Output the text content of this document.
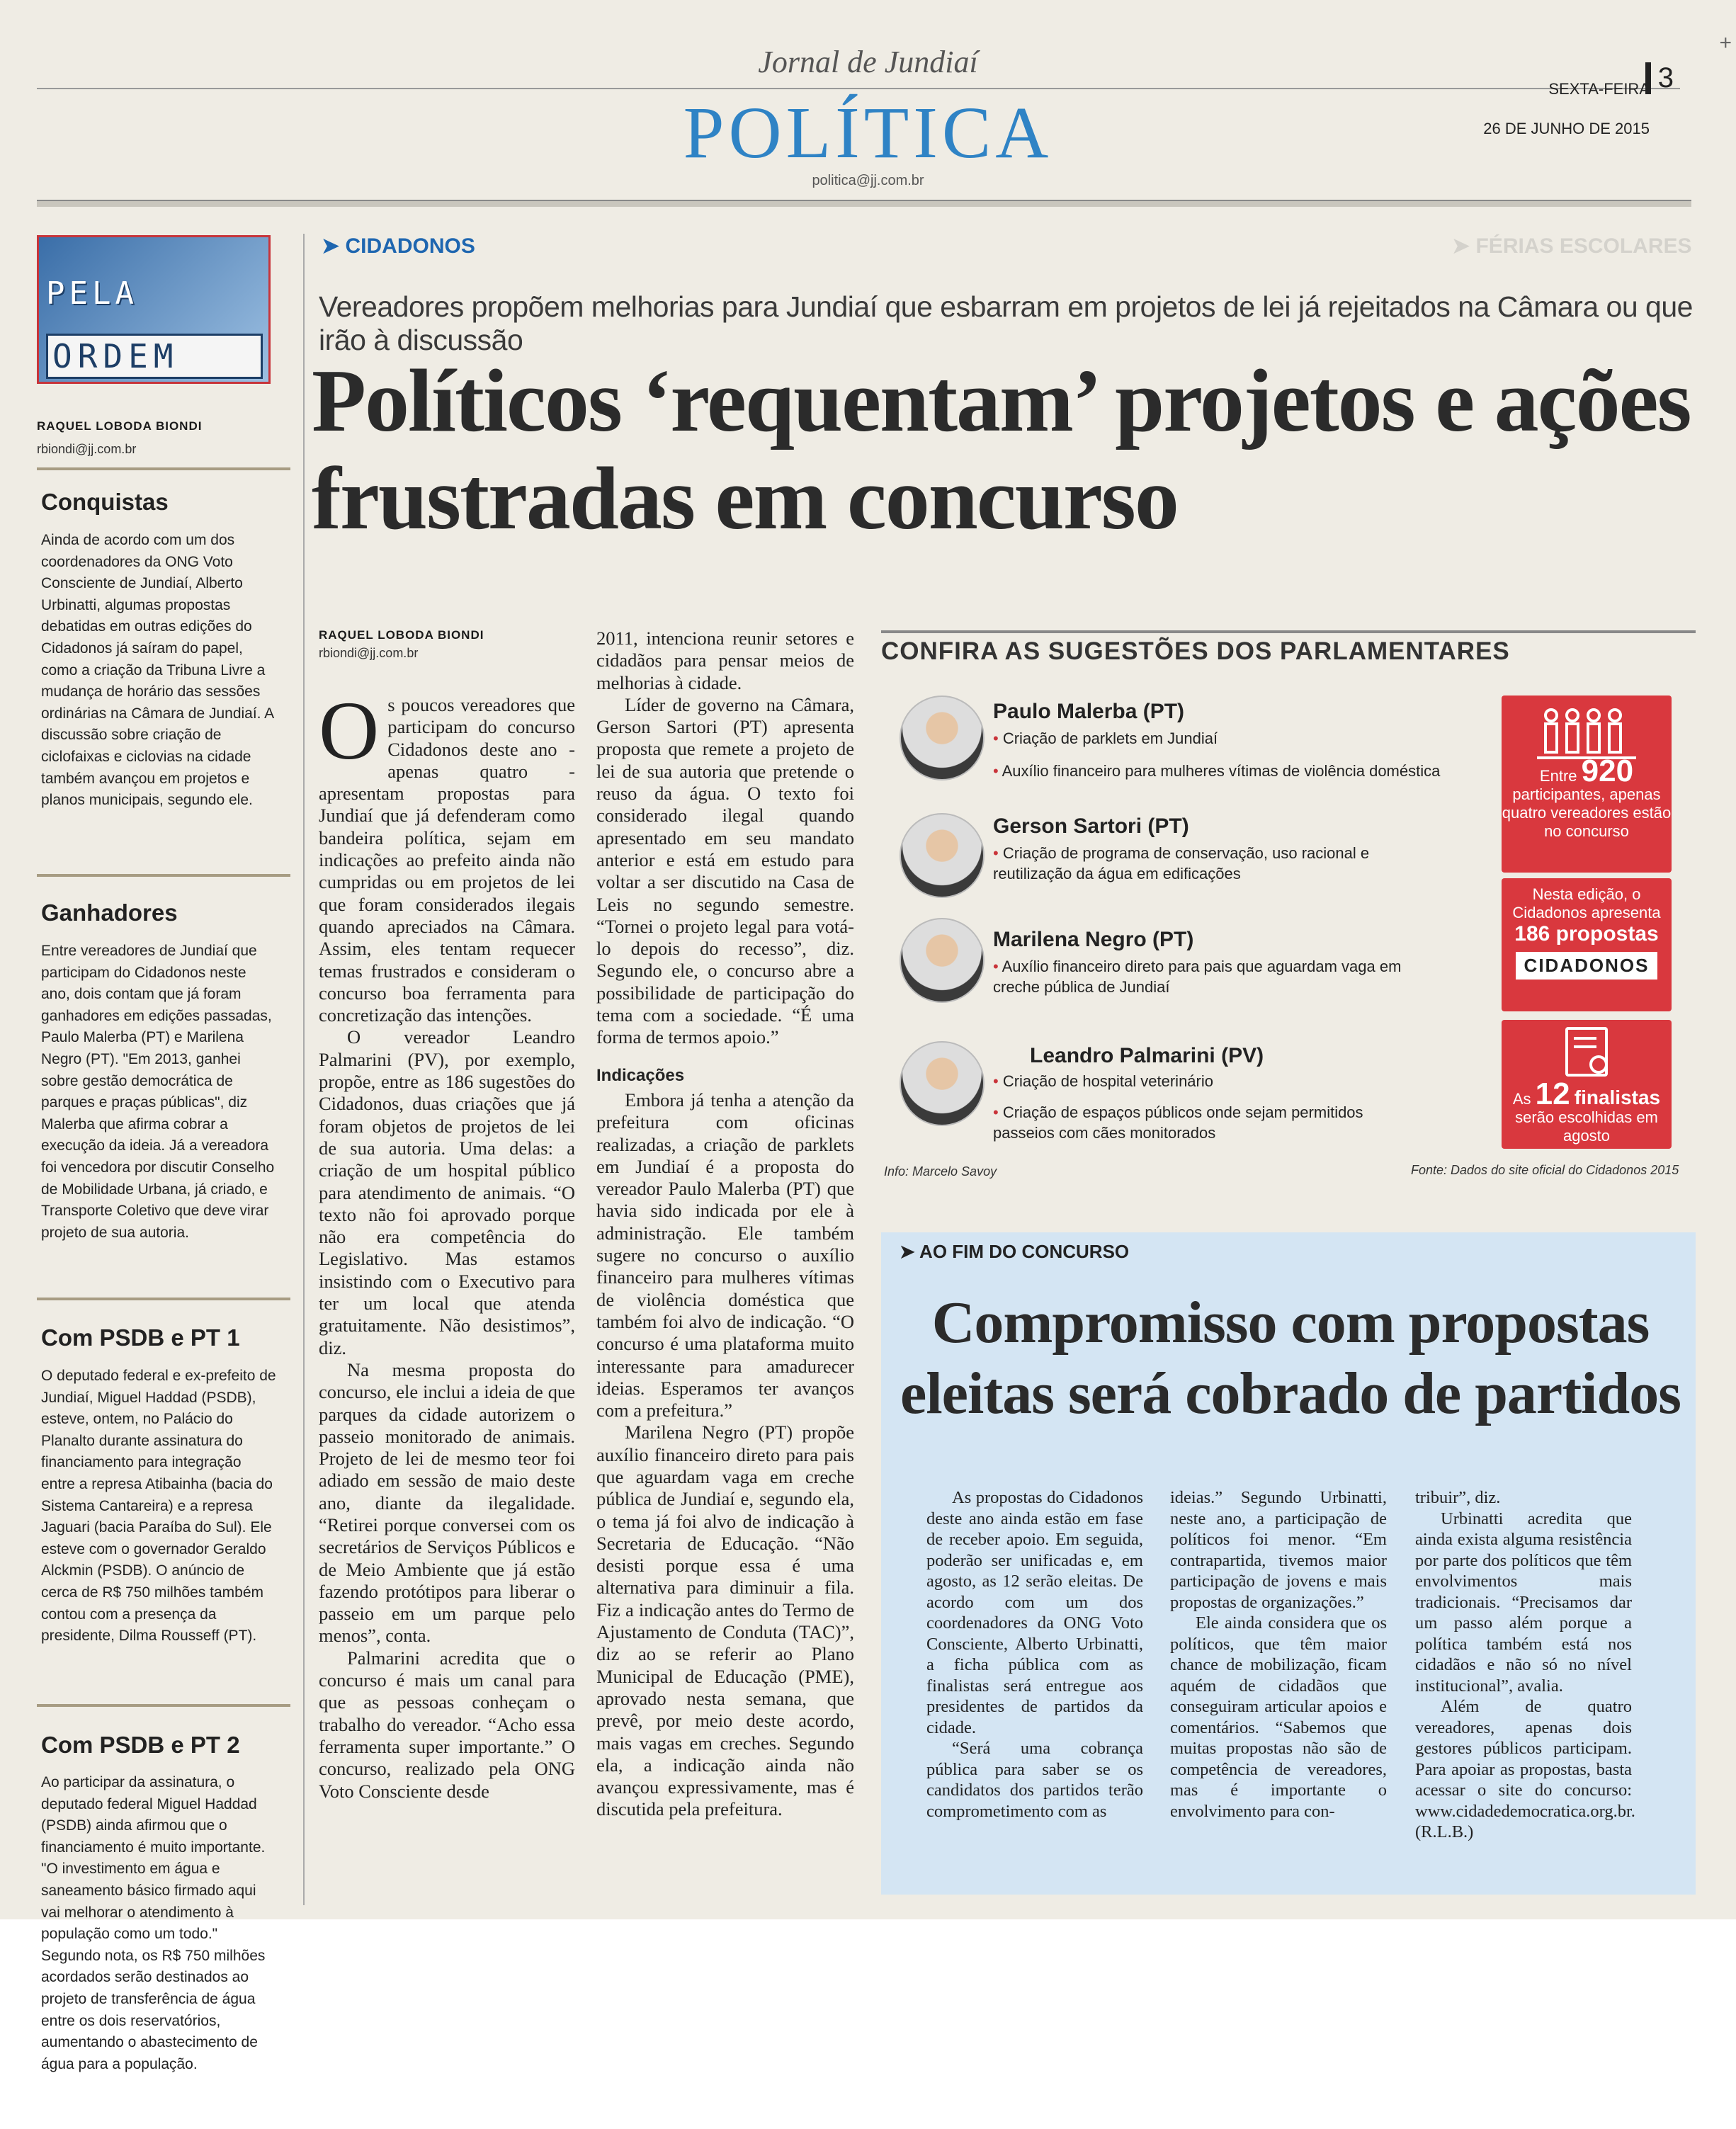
Jornal de Jundiaí
POLÍTICA
politica@jj.com.br
SEXTA-FEIRA
26 DE JUNHO DE 2015
3
PELA
ORDEM
RAQUEL LOBODA BIONDI
rbiondi@jj.com.br
Conquistas
Ainda de acordo com um dos coordenadores da ONG Voto Consciente de Jundiaí, Alberto Urbinatti, algumas propostas debatidas em outras edições do Cidadonos já saíram do papel, como a criação da Tribuna Livre a mudança de horário das sessões ordinárias na Câmara de Jundiaí. A discussão sobre criação de ciclofaixas e ciclovias na cidade também avançou em projetos e planos municipais, segundo ele.
Ganhadores
Entre vereadores de Jundiaí que participam do Cidadonos neste ano, dois contam que já foram ganhadores em edições passadas, Paulo Malerba (PT) e Marilena Negro (PT). "Em 2013, ganhei sobre gestão democrática de parques e praças públicas", diz Malerba que afirma cobrar a execução da ideia. Já a vereadora foi vencedora por discutir Conselho de Mobilidade Urbana, já criado, e Transporte Coletivo que deve virar projeto de sua autoria.
Com PSDB e PT 1
O deputado federal e ex-prefeito de Jundiaí, Miguel Haddad (PSDB), esteve, ontem, no Palácio do Planalto durante assinatura do financiamento para integração entre a represa Atibainha (bacia do Sistema Cantareira) e a represa Jaguari (bacia Paraíba do Sul). Ele esteve com o governador Geraldo Alckmin (PSDB). O anúncio de cerca de R$ 750 milhões também contou com a presença da presidente, Dilma Rousseff (PT).
Com PSDB e PT 2
Ao participar da assinatura, o deputado federal Miguel Haddad (PSDB) ainda afirmou que o financiamento é muito importante. "O investimento em água e saneamento básico firmado aqui vai melhorar o atendimento à população como um todo." Segundo nota, os R$ 750 milhões acordados serão destinados ao projeto de transferência de água entre os dois reservatórios, aumentando o abastecimento de água para a população.
➤ CIDADONOS	➤ FÉRIAS ESCOLARES
Vereadores propõem melhorias para Jundiaí que esbarram em projetos de lei já rejeitados na Câmara ou que irão à discussão
Políticos ‘requentam’ projetos e ações frustradas em concurso
RAQUEL LOBODA BIONDI
rbiondi@jj.com.br

Os poucos vereadores que participam do concurso Cidadonos deste ano - apenas quatro - apresentam propostas para Jundiaí que já defenderam como bandeira política, sejam em indicações ao prefeito ainda não cumpridas ou em projetos de lei que foram considerados ilegais quando apreciados na Câmara. Assim, eles tentam requecer temas frustrados e consideram o concurso boa ferramenta para concretização das intenções.

O vereador Leandro Palmarini (PV), por exemplo, propõe, entre as 186 sugestões do Cidadonos, duas criações que já foram objetos de projetos de lei de sua autoria. Uma delas: a criação de um hospital público para atendimento de animais. “O texto não foi aprovado porque não era competência do Legislativo. Mas estamos insistindo com o Executivo para ter um local que atenda gratuitamente. Não desistimos”, diz.

Na mesma proposta do concurso, ele inclui a ideia de que parques da cidade autorizem o passeio monitorado de animais. Projeto de lei de mesmo teor foi adiado em sessão de maio deste ano, diante da ilegalidade. “Retirei porque conversei com os secretários de Serviços Públicos e de Meio Ambiente que já estão fazendo protótipos para liberar o passeio em um parque pelo menos”, conta.

Palmarini acredita que o concurso é mais um canal para que as pessoas conheçam o trabalho do vereador. “Acho essa ferramenta super importante.” O concurso, realizado pela ONG Voto Consciente desde

2011, intenciona reunir setores e cidadãos para pensar meios de melhorias à cidade.

Líder de governo na Câmara, Gerson Sartori (PT) apresenta proposta que remete a projeto de lei de sua autoria que pretende o reuso da água. O texto foi considerado ilegal quando apresentado em seu mandato anterior e está em estudo para voltar a ser discutido na Casa de Leis no segundo semestre. “Tornei o projeto legal para votá-lo depois do recesso”, diz. Segundo ele, o concurso abre a possibilidade de participação do tema com a sociedade. “É uma forma de termos apoio.”

Indicações

Embora já tenha a atenção da prefeitura com oficinas realizadas, a criação de parklets em Jundiaí é a proposta do vereador Paulo Malerba (PT) que havia sido indicada por ele à administração. Ele também sugere no concurso o auxílio financeiro para mulheres vítimas de violência doméstica que também foi alvo de indicação. “O concurso é uma plataforma muito interessante para amadurecer ideias. Esperamos ter avanços com a prefeitura.”

Marilena Negro (PT) propõe auxílio financeiro direto para pais que aguardam vaga em creche pública de Jundiaí e, segundo ela, o tema já foi alvo de indicação à Secretaria de Educação. “Não desisti porque essa é uma alternativa para diminuir a fila. Fiz a indicação antes do Termo de Ajustamento de Conduta (TAC)”, diz ao se referir ao Plano Municipal de Educação (PME), aprovado nesta semana, que prevê, por meio deste acordo, mais vagas em creches. Segundo ela, a indicação ainda não avançou expressivamente, mas é discutida pela prefeitura.

CONFIRA AS SUGESTÕES DOS PARLAMENTARES
Paulo Malerba (PT)
• Criação de parklets em Jundiaí
• Auxílio financeiro para mulheres vítimas de violência doméstica
Gerson Sartori (PT)
• Criação de programa de conservação, uso racional e reutilização da água em edificações
Marilena Negro (PT)
• Auxílio financeiro direto para pais que aguardam vaga em creche pública de Jundiaí
Leandro Palmarini (PV)
• Criação de hospital veterinário
• Criação de espaços públicos onde sejam permitidos passeios com cães monitorados
Entre 920
participantes, apenas quatro vereadores estão no concurso
Nesta edição, o Cidadonos apresenta
186 propostas
CIDADONOS
As 12 finalistas
serão escolhidas em agosto
Info: Marcelo Savoy	Fonte: Dados do site oficial do Cidadonos 2015
➤ AO FIM DO CONCURSO
Compromisso com propostas eleitas será cobrado de partidos

As propostas do Cidadonos deste ano ainda estão em fase de receber apoio. Em seguida, poderão ser unificadas e, em agosto, as 12 serão eleitas. De acordo com um dos coordenadores da ONG Voto Consciente, Alberto Urbinatti, a ficha pública com as finalistas será entregue aos presidentes de partidos da cidade.

“Será uma cobrança pública para saber se os candidatos dos partidos terão comprometimento com as

ideias.” Segundo Urbinatti, neste ano, a participação de políticos foi menor. “Em contrapartida, tivemos maior participação de jovens e mais propostas de organizações.”

Ele ainda considera que os políticos, que têm maior chance de mobilização, ficam aquém de cidadãos que conseguiram articular apoios e comentários. “Sabemos que muitas propostas não são de competência de vereadores, mas é importante o envolvimento para con-

tribuir”, diz.

Urbinatti acredita que ainda exista alguma resistência por parte dos políticos que têm envolvimentos mais tradicionais. “Precisamos dar um passo além porque a política também está nos cidadãos e não só no nível institucional”, avalia.

Além de quatro vereadores, apenas dois gestores públicos participam. Para apoiar as propostas, basta acessar o site do concurso: www.cidadedemocratica.org.br. (R.L.B.)

+
